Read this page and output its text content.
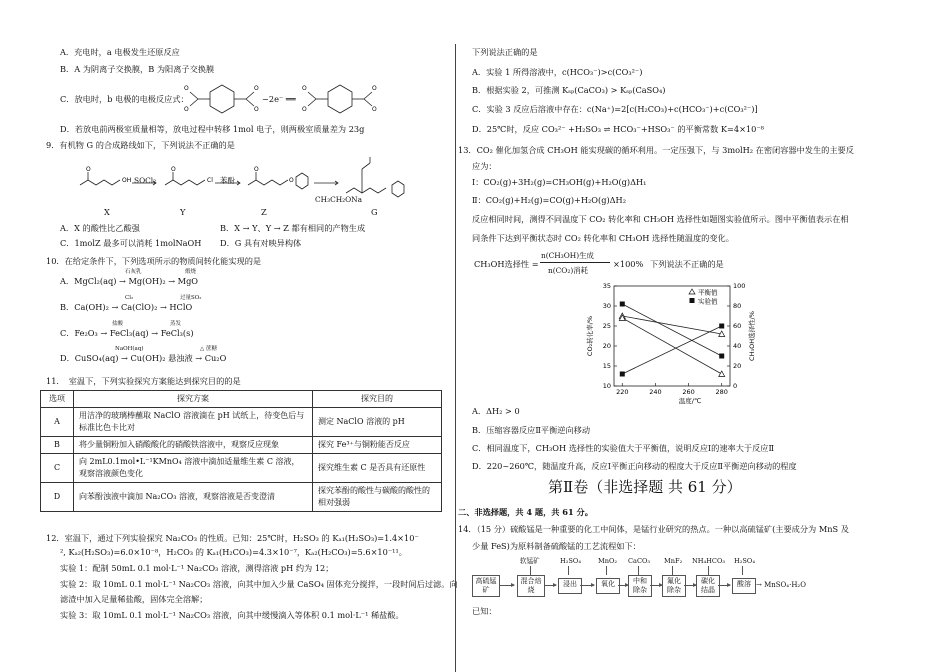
A．充电时，a 电极发生还原反应
B．A 为阴离子交换膜，B 为阳离子交换膜
C．放电时，b 电极的电极反应式：
O
O
O
O
O
O
O
O
−2e⁻ ══
D．若放电前两极室质量相等，放电过程中转移 1mol 电子，则两极室质量差为 23g
9．有机物 G 的合成路线如下，下列说法不正确的是
OH	Cl
O	O	O
O
SOCl₂	苯酚
CH₃CH₂ONa
X	Y	Z	G
A．X 的酸性比乙酸强	B．X → Y、Y → Z 都有相同的产物生成
C．1molZ 最多可以消耗 1molNaOH D．G 具有对映异构体
10．在给定条件下，下列选项所示的物质间转化能实现的是
A．MgCl₂(aq) → Mg(OH)₂ → MgO
石灰乳	煅烧
B．Ca(OH)₂ → Ca(ClO)₂ → HClO
Cl₂	过量SO₂
C．Fe₂O₃ → FeCl₃(aq) → FeCl₃(s)
盐酸	蒸发
D．CuSO₄(aq) → Cu(OH)₂ 悬浊液 → Cu₂O
NaOH(aq)	△ 蔗糖
11．　室温下，下列实验探究方案能达到探究目的的是
选项	探究方案	探究目的
A	用洁净的玻璃棒蘸取 NaClO 溶液滴在 pH 试纸上，待变色后与标准比色卡比对	测定 NaClO 溶液的 pH
B	将少量铜粉加入硝酸酸化的硝酸铁溶液中，观察反应现象	探究 Fe³⁺与铜粉能否反应
C	向 2mL0.1mol•L⁻¹KMnO₄ 溶液中滴加适量维生素 C 溶液，观察溶液颜色变化	探究维生素 C 是否具有还原性
D	向苯酚浊液中滴加 Na₂CO₃ 溶液，观察溶液是否变澄清	探究苯酚的酸性与碳酸的酸性的相对强弱
12．室温下，通过下列实验探究 Na₂CO₃ 的性质。已知：25℃时，H₂SO₃ 的 Kₐ₁(H₂SO₃)=1.4×10⁻
², Kₐ₂(H₂SO₃)=6.0×10⁻⁸，H₂CO₃ 的 Kₐ₁(H₂CO₃)=4.3×10⁻⁷，Kₐ₂(H₂CO₃)=5.6×10⁻¹¹。
实验 1：配制 50mL 0.1 mol·L⁻¹ Na₂CO₃ 溶液，测得溶液 pH 约为 12；
实验 2：取 10mL 0.1 mol·L⁻¹ Na₂CO₃ 溶液，向其中加入少量 CaSO₄ 固体充分搅拌，一段时间后过滤。向
滤渣中加入足量稀盐酸，固体完全溶解；
实验 3：取 10mL 0.1 mol·L⁻¹ Na₂CO₃ 溶液，向其中缓慢滴入等体积 0.1 mol·L⁻¹ 稀盐酸。
下列说法正确的是
A．实验 1 所得溶液中，c(HCO₃⁻)>c(CO₃²⁻)
B．根据实验 2，可推测 Kₛₚ(CaCO₃) > Kₛₚ(CaSO₄)
C．实验 3 反应后溶液中存在：c(Na⁺)=2[c(H₂CO₃)+c(HCO₃⁻)+c(CO₃²⁻)]
D．25℃时，反应 CO₃²⁻ +H₂SO₃ ⇌ HCO₃⁻+HSO₃⁻ 的平衡常数 K=4×10⁻⁸
13．CO₂ 催化加氢合成 CH₃OH 能实现碳的循环利用。一定压强下，与 3molH₂ 在密闭容器中发生的主要反
应为：
Ⅰ：CO₂(g)+3H₂(g)=CH₃OH(g)+H₂O(g)ΔH₁
Ⅱ：CO₂(g)+H₂(g)=CO(g)+H₂O(g)ΔH₂
反应相同时间，测得不同温度下 CO₂ 转化率和 CH₃OH 选择性如题图实验值所示。图中平衡值表示在相
同条件下达到平衡状态时 CO₂ 转化率和 CH₃OH 选择性随温度的变化。
CH₃OH选择性 =
n(CH₃OH)生成
n(CO₂)消耗
×100% 下列说法不正确的是
220	240	260	280
10
15
20
25
30
35
0
20
40
60
80
100
温度/℃
CO₂转化率/%	CH₃OH选择性/%
平衡值
实验值
A．ΔH₂ > 0
B．压缩容器反应Ⅱ平衡逆向移动
C．相同温度下，CH₃OH 选择性的实验值大于平衡值，说明反应Ⅰ的速率大于反应Ⅱ
D．220~260℃，随温度升高，反应Ⅰ平衡正向移动的程度大于反应Ⅱ平衡逆向移动的程度
第Ⅱ卷（非选择题 共 61 分）
二、非选择题，共 4 题，共 61 分。
14．（15 分）硫酸锰是一种重要的化工中间体，是锰行业研究的热点。一种以高硫锰矿(主要成分为 MnS 及
少量 FeS)为原料制备硫酸锰的工艺流程如下：
软锰矿	H₂SO₄	MnO₂ CaCO₃ MnF₂ NH₄HCO₃ H₂SO₄
高硫锰矿
混合焙烧
浸出	氧化	中和除杂
氟化除杂
碳化结晶
酸溶 → MnSO₄·H₂O
已知：
